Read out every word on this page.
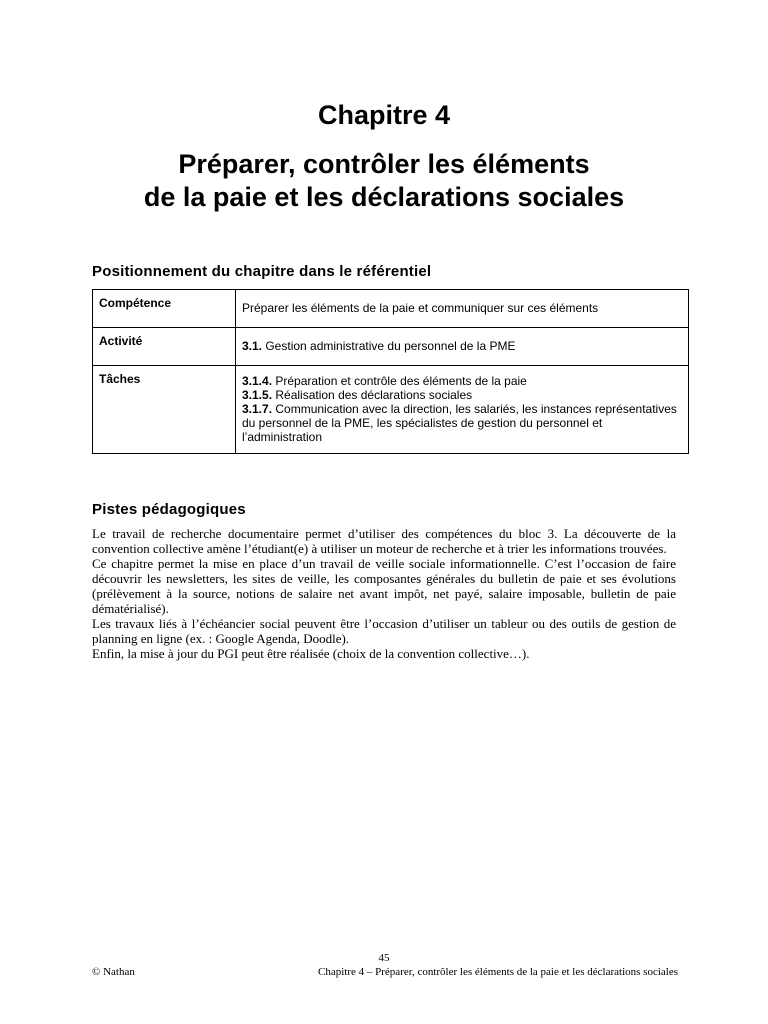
Chapitre 4
Préparer, contrôler les éléments
de la paie et les déclarations sociales
Positionnement du chapitre dans le référentiel
Compétence	Préparer les éléments de la paie et communiquer sur ces éléments
Activité	3.1. Gestion administrative du personnel de la PME
Tâches	3.1.4. Préparation et contrôle des éléments de la paie
3.1.5. Réalisation des déclarations sociales
3.1.7. Communication avec la direction, les salariés, les instances représentatives du personnel de la PME, les spécialistes de gestion du personnel et l’administration
Pistes pédagogiques

Le travail de recherche documentaire permet d’utiliser des compétences du bloc 3. La découverte de la convention collective amène l’étudiant(e) à utiliser un moteur de recherche et à trier les informations trouvées.

Ce chapitre permet la mise en place d’un travail de veille sociale informationnelle. C’est l’occasion de faire découvrir les newsletters, les sites de veille, les composantes générales du bulletin de paie et ses évolutions (prélèvement à la source, notions de salaire net avant impôt, net payé, salaire imposable, bulletin de paie dématérialisé).

Les travaux liés à l’échéancier social peuvent être l’occasion d’utiliser un tableur ou des outils de gestion de planning en ligne (ex. : Google Agenda, Doodle).

Enfin, la mise à jour du PGI peut être réalisée (choix de la convention collective…).

45
© Nathan	Chapitre 4 – Préparer, contrôler les éléments de la paie et les déclarations sociales
